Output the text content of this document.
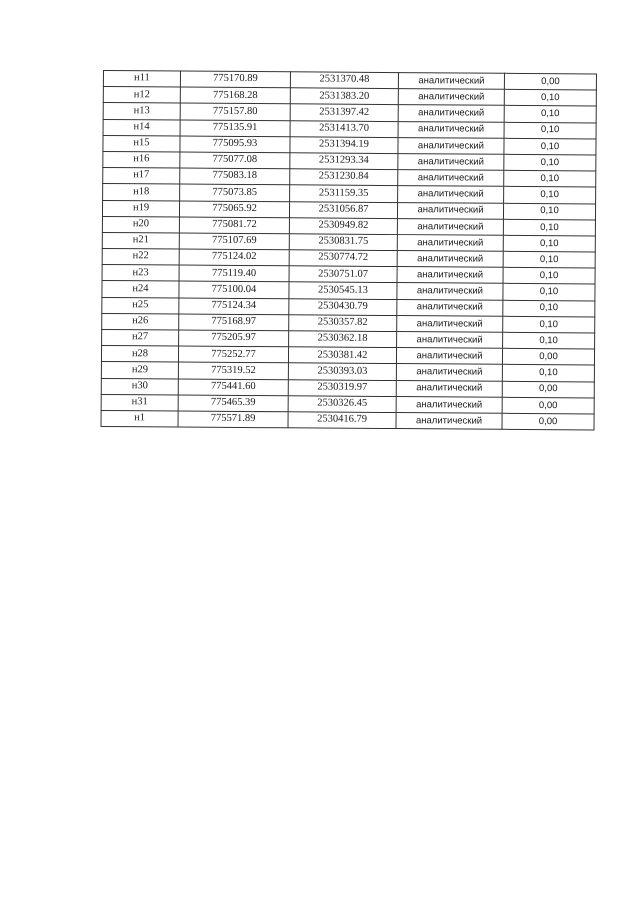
н11	775170.89	2531370.48	аналитический	0,00
н12	775168.28	2531383.20	аналитический	0,10
н13	775157.80	2531397.42	аналитический	0,10
н14	775135.91	2531413.70	аналитический	0,10
н15	775095.93	2531394.19	аналитический	0,10
н16	775077.08	2531293.34	аналитический	0,10
н17	775083.18	2531230.84	аналитический	0,10
н18	775073.85	2531159.35	аналитический	0,10
н19	775065.92	2531056.87	аналитический	0,10
н20	775081.72	2530949.82	аналитический	0,10
н21	775107.69	2530831.75	аналитический	0,10
н22	775124.02	2530774.72	аналитический	0,10
н23	775119.40	2530751.07	аналитический	0,10
н24	775100.04	2530545.13	аналитический	0,10
н25	775124.34	2530430.79	аналитический	0,10
н26	775168.97	2530357.82	аналитический	0,10
н27	775205.97	2530362.18	аналитический	0,10
н28	775252.77	2530381.42	аналитический	0,00
н29	775319.52	2530393.03	аналитический	0,10
н30	775441.60	2530319.97	аналитический	0,00
н31	775465.39	2530326.45	аналитический	0,00
н1	775571.89	2530416.79	аналитический	0,00
